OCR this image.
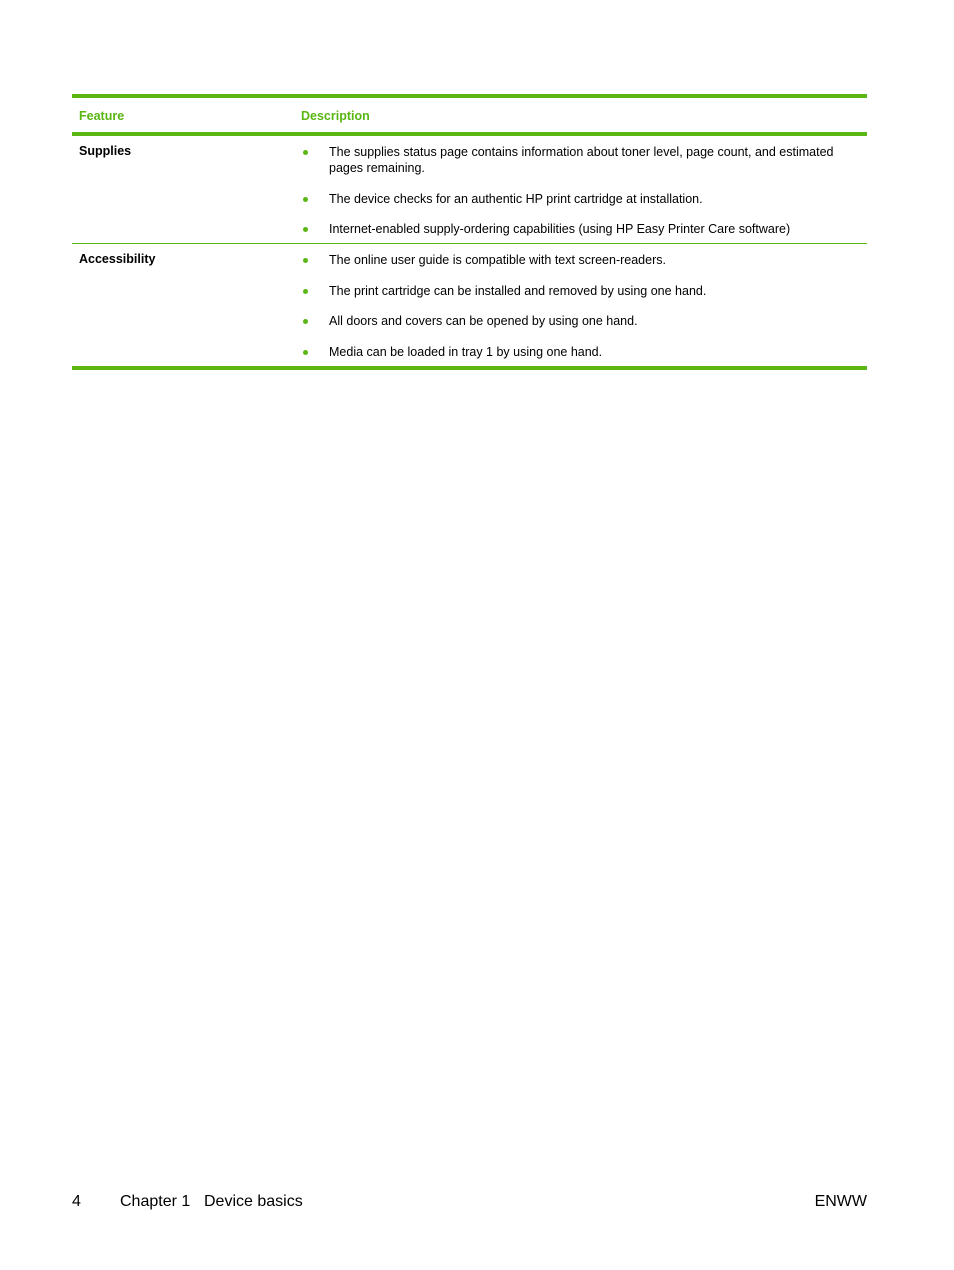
Feature	Description
Supplies	The supplies status page contains information about toner level, page count, and estimated pages remaining.
The device checks for an authentic HP print cartridge at installation.
Internet-enabled supply-ordering capabilities (using HP Easy Printer Care software)
Accessibility	The online user guide is compatible with text screen-readers.
The print cartridge can be installed and removed by using one hand.
All doors and covers can be opened by using one hand.
Media can be loaded in tray 1 by using one hand.
4 Chapter 1 Device basics	ENWW
